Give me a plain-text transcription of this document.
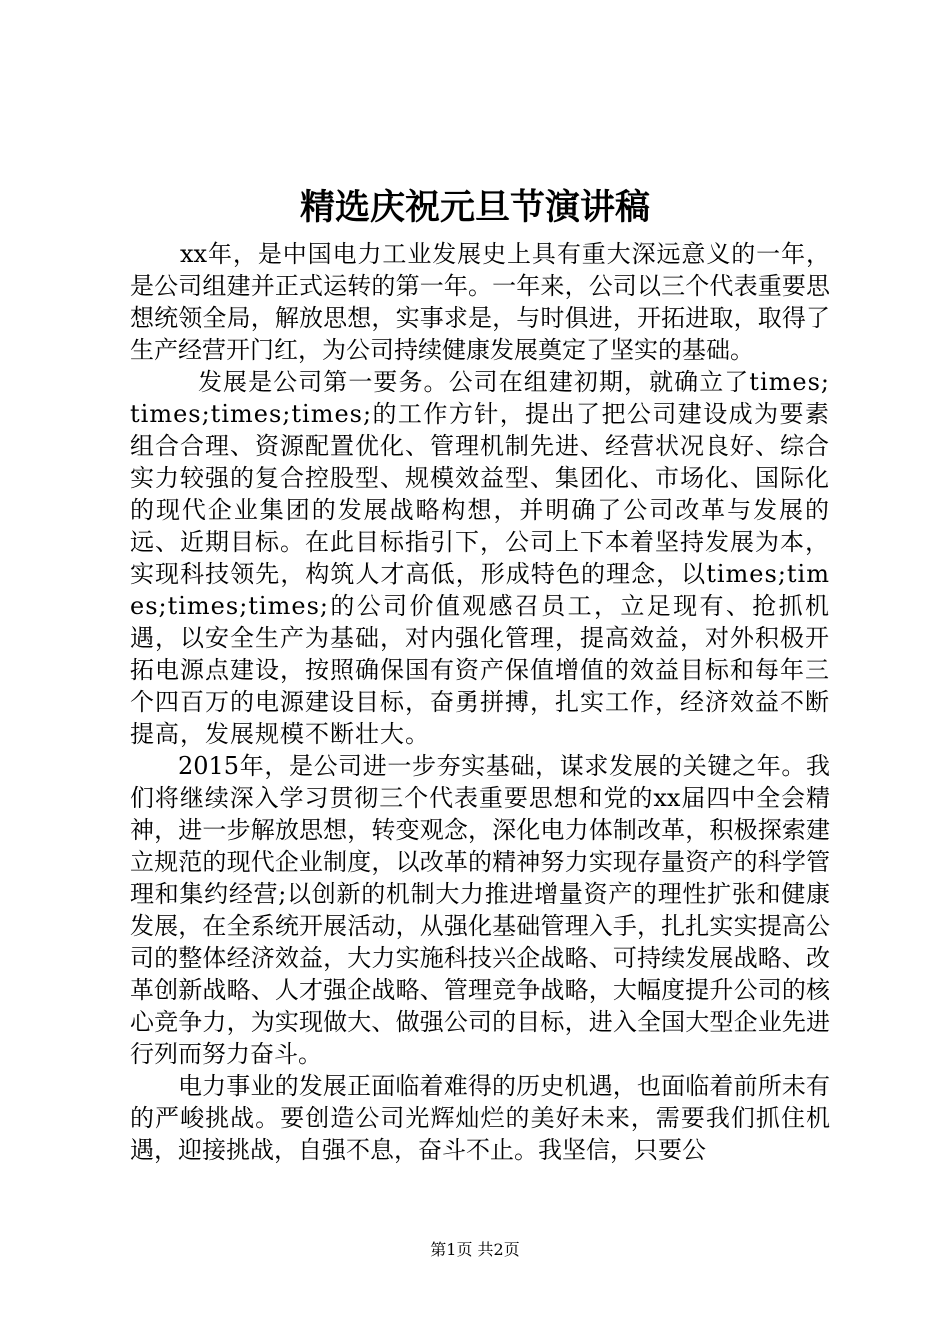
精选庆祝元旦节演讲稿

xx年，是中国电力工业发展史上具有重大深远意义的一年，是公司组建并正式运转的第一年。一年来，公司以三个代表重要思想统领全局，解放思想，实事求是，与时俱进，开拓进取，取得了生产经营开门红，为公司持续健康发展奠定了坚实的基础。

发展是公司第一要务。公司在组建初期，就确立了times;times;times;times;的工作方针，提出了把公司建设成为要素组合合理、资源配置优化、管理机制先进、经营状况良好、综合实力较强的复合控股型、规模效益型、集团化、市场化、国际化的现代企业集团的发展战略构想，并明确了公司改革与发展的远、近期目标。在此目标指引下，公司上下本着坚持发展为本，实现科技领先，构筑人才高低，形成特色的理念，以times;times;times;times;的公司价值观感召员工，立足现有、抢抓机遇，以安全生产为基础，对内强化管理，提高效益，对外积极开拓电源点建设，按照确保国有资产保值增值的效益目标和每年三个四百万的电源建设目标，奋勇拼搏，扎实工作，经济效益不断提高，发展规模不断壮大。

2015年，是公司进一步夯实基础，谋求发展的关键之年。我们将继续深入学习贯彻三个代表重要思想和党的xx届四中全会精神，进一步解放思想，转变观念，深化电力体制改革，积极探索建立规范的现代企业制度，以改革的精神努力实现存量资产的科学管理和集约经营;以创新的机制大力推进增量资产的理性扩张和健康发展，在全系统开展活动，从强化基础管理入手，扎扎实实提高公司的整体经济效益，大力实施科技兴企战略、可持续发展战略、改革创新战略、人才强企战略、管理竞争战略，大幅度提升公司的核心竞争力，为实现做大、做强公司的目标，进入全国大型企业先进行列而努力奋斗。

电力事业的发展正面临着难得的历史机遇，也面临着前所未有的严峻挑战。要创造公司光辉灿烂的美好未来，需要我们抓住机遇，迎接挑战，自强不息，奋斗不止。我坚信，只要公

第1页 共2页
